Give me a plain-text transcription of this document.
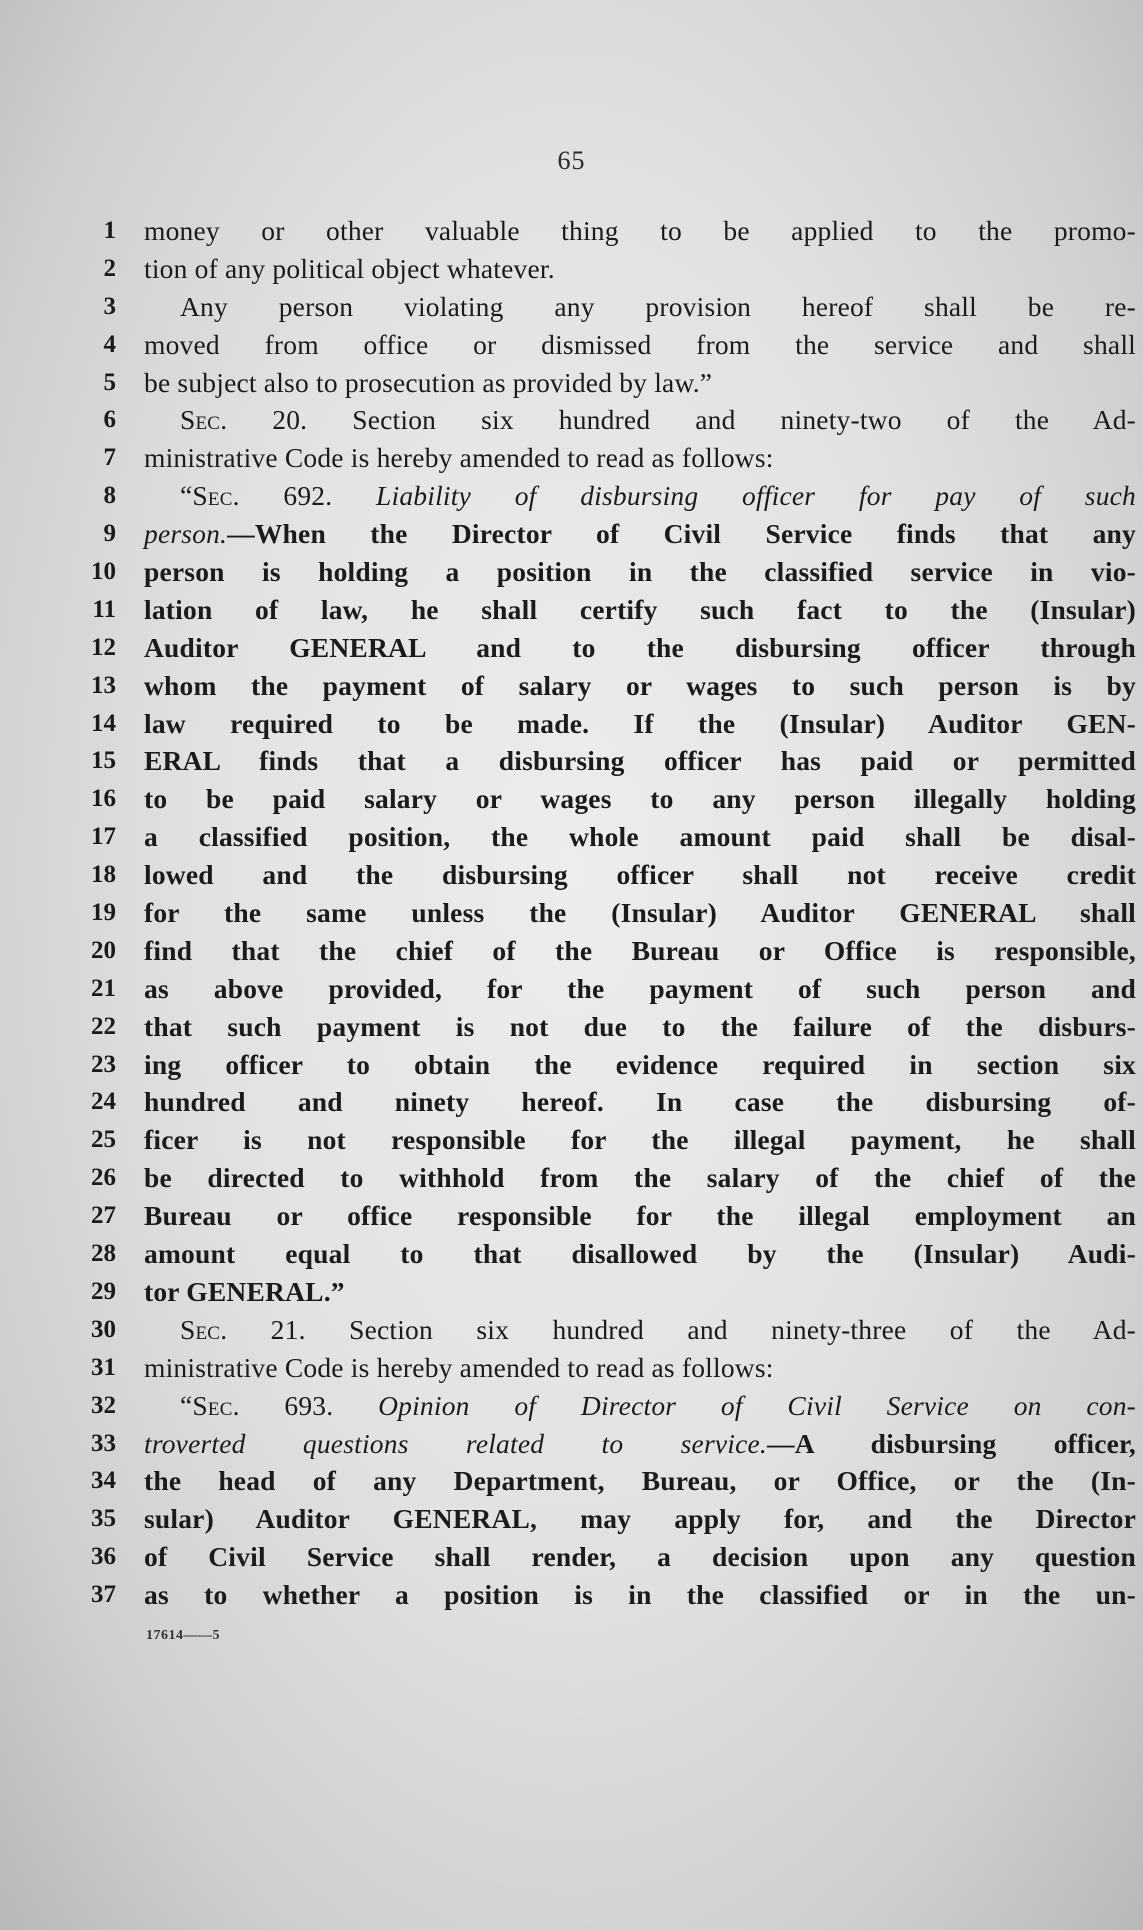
65
1 money or other valuable thing to be applied to the promo-
2 tion of any political object whatever.
3 Any person violating any provision hereof shall be re-
4 moved from office or dismissed from the service and shall
5 be subject also to prosecution as provided by law.”
6 Sec. 20. Section six hundred and ninety-two of the Ad-
7 ministrative Code is hereby amended to read as follows:
8 “Sec. 692. Liability of disbursing officer for pay of such
9 person.—When the Director of Civil Service finds that any
10 person is holding a position in the classified service in vio-
11 lation of law, he shall certify such fact to the (Insular)
12 Auditor GENERAL and to the disbursing officer through
13 whom the payment of salary or wages to such person is by
14 law required to be made. If the (Insular) Auditor GEN-
15 ERAL finds that a disbursing officer has paid or permitted
16 to be paid salary or wages to any person illegally holding
17 a classified position, the whole amount paid shall be disal-
18 lowed and the disbursing officer shall not receive credit
19 for the same unless the (Insular) Auditor GENERAL shall
20 find that the chief of the Bureau or Office is responsible,
21 as above provided, for the payment of such person and
22 that such payment is not due to the failure of the disburs-
23 ing officer to obtain the evidence required in section six
24 hundred and ninety hereof. In case the disbursing of-
25 ficer is not responsible for the illegal payment, he shall
26 be directed to withhold from the salary of the chief of the
27 Bureau or office responsible for the illegal employment an
28 amount equal to that disallowed by the (Insular) Audi-
29 tor GENERAL.”
30 Sec. 21. Section six hundred and ninety-three of the Ad-
31 ministrative Code is hereby amended to read as follows:
32 “Sec. 693. Opinion of Director of Civil Service on con-
33 troverted questions related to service.—A disbursing officer,
34 the head of any Department, Bureau, or Office, or the (In-
35 sular) Auditor GENERAL, may apply for, and the Director
36 of Civil Service shall render, a decision upon any question
37 as to whether a position is in the classified or in the un-
17614——5
